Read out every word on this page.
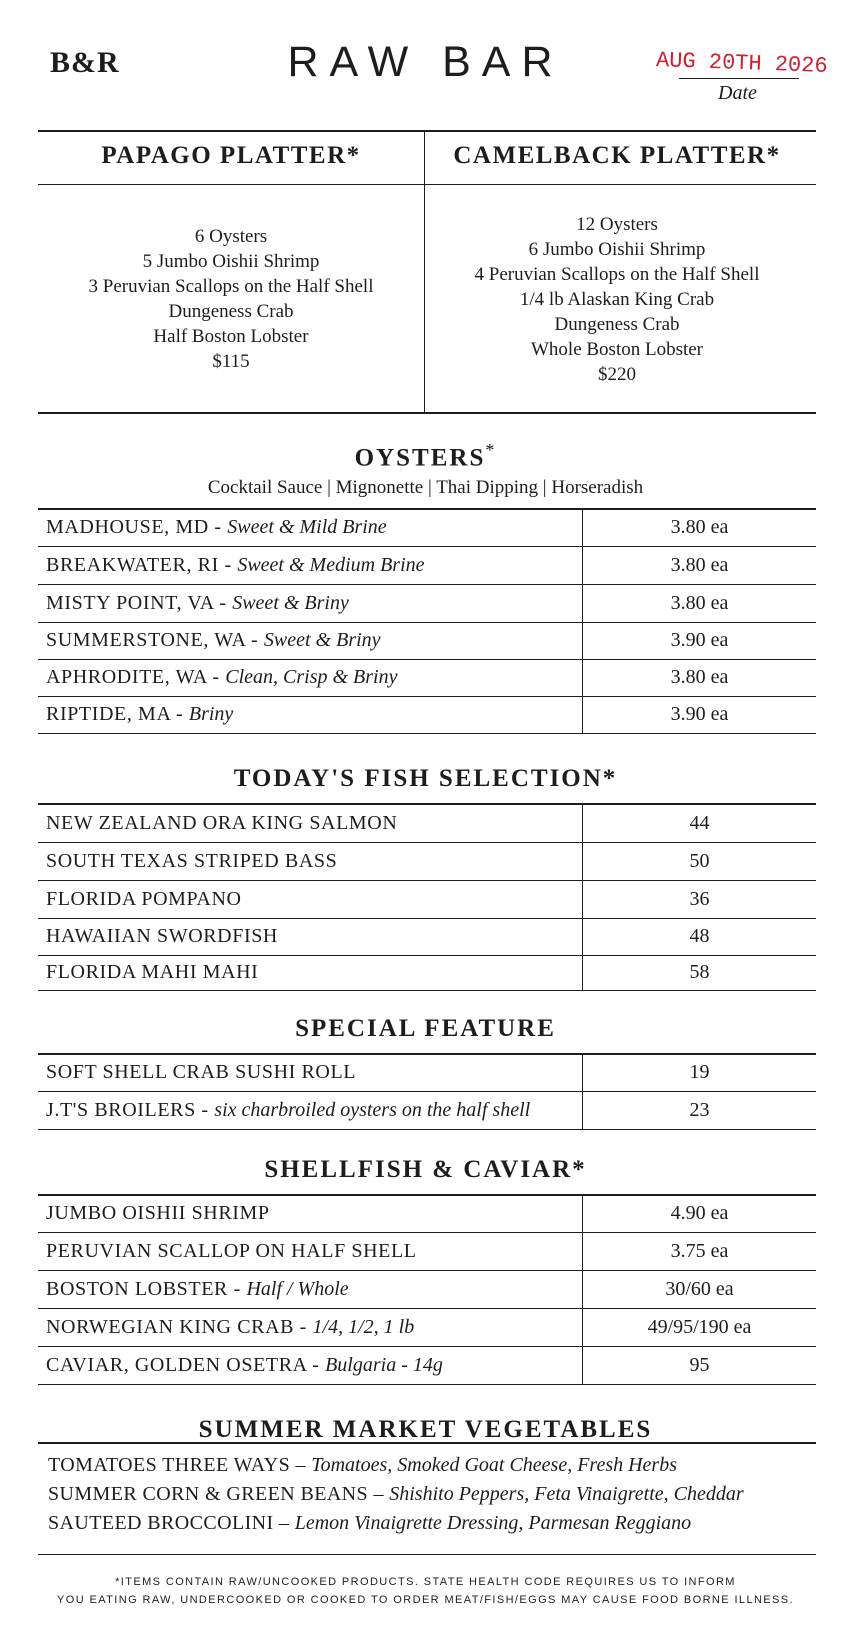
B&R	RAW BAR	AUG 20TH 2026
Date
PAPAGO PLATTER*
6 Oysters
5 Jumbo Oishii Shrimp
3 Peruvian Scallops on the Half Shell
Dungeness Crab
Half Boston Lobster
$115
CAMELBACK PLATTER*
12 Oysters
6 Jumbo Oishii Shrimp
4 Peruvian Scallops on the Half Shell
1/4 lb Alaskan King Crab
Dungeness Crab
Whole Boston Lobster
$220
OYSTERS*
Cocktail Sauce | Mignonette | Thai Dipping | Horseradish
MADHOUSE, MD - Sweet & Mild Brine	3.80 ea
BREAKWATER, RI - Sweet & Medium Brine	3.80 ea
MISTY POINT, VA - Sweet & Briny	3.80 ea
SUMMERSTONE, WA - Sweet & Briny	3.90 ea
APHRODITE, WA - Clean, Crisp & Briny	3.80 ea
RIPTIDE, MA - Briny	3.90 ea
TODAY'S FISH SELECTION*
NEW ZEALAND ORA KING SALMON	44
SOUTH TEXAS STRIPED BASS	50
FLORIDA POMPANO	36
HAWAIIAN SWORDFISH	48
FLORIDA MAHI MAHI	58
SPECIAL FEATURE
SOFT SHELL CRAB SUSHI ROLL	19
J.T'S BROILERS - six charbroiled oysters on the half shell	23
SHELLFISH & CAVIAR*
JUMBO OISHII SHRIMP	4.90 ea
PERUVIAN SCALLOP ON HALF SHELL	3.75 ea
BOSTON LOBSTER - Half / Whole	30/60 ea
NORWEGIAN KING CRAB - 1/4, 1/2, 1 lb	49/95/190 ea
CAVIAR, GOLDEN OSETRA - Bulgaria - 14g	95
SUMMER MARKET VEGETABLES
TOMATOES THREE WAYS – Tomatoes, Smoked Goat Cheese, Fresh Herbs
SUMMER CORN & GREEN BEANS – Shishito Peppers, Feta Vinaigrette, Cheddar
SAUTEED BROCCOLINI – Lemon Vinaigrette Dressing, Parmesan Reggiano
*ITEMS CONTAIN RAW/UNCOOKED PRODUCTS. STATE HEALTH CODE REQUIRES US TO INFORM
YOU EATING RAW, UNDERCOOKED OR COOKED TO ORDER MEAT/FISH/EGGS MAY CAUSE FOOD BORNE ILLNESS.
